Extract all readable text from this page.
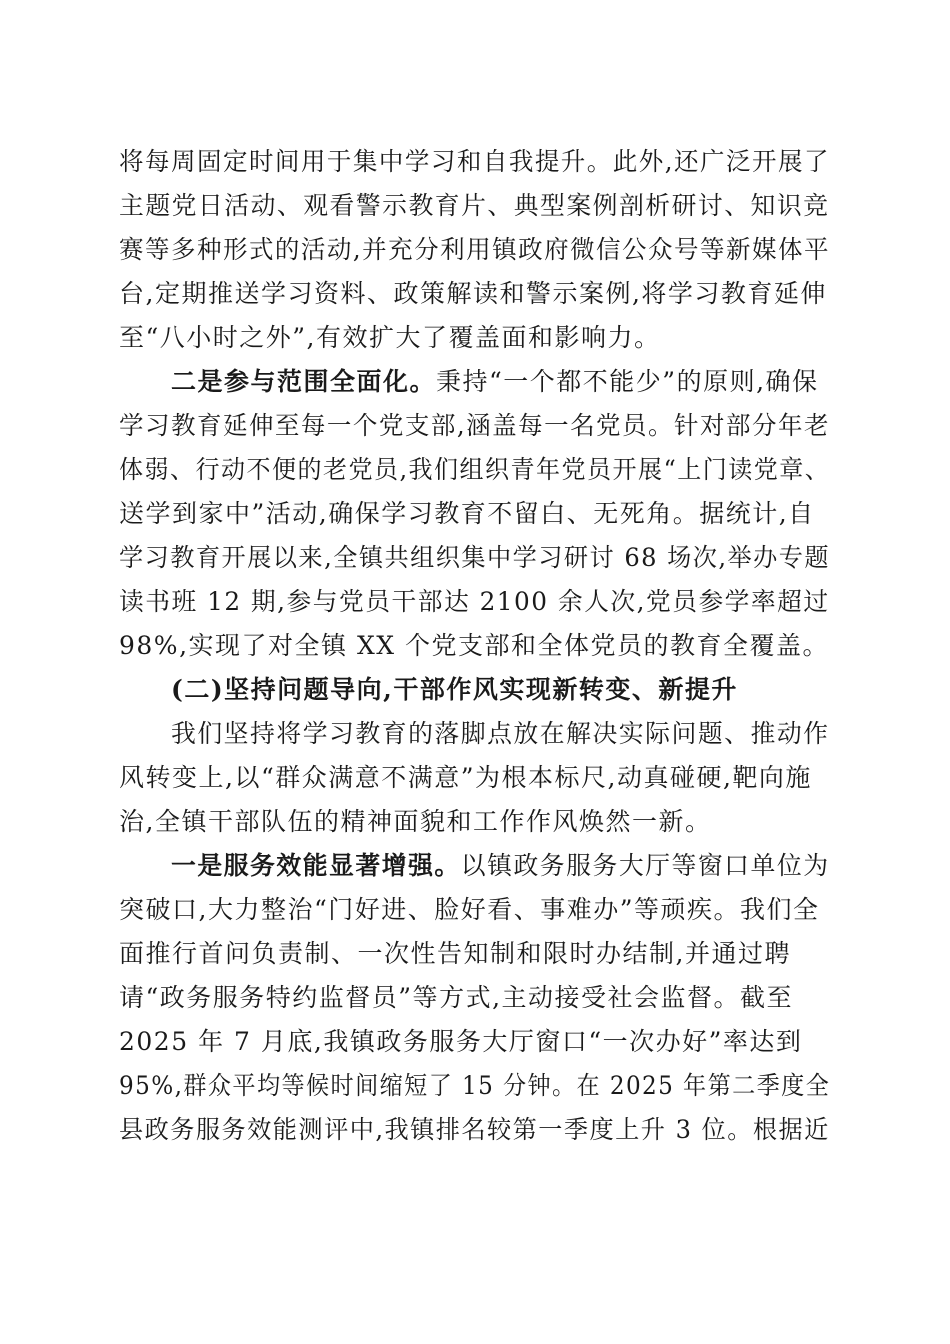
将每周固定时间用于集中学习和自我提升。此外,还广泛开展了
主题党日活动、观看警示教育片、典型案例剖析研讨、知识竞
赛等多种形式的活动,并充分利用镇政府微信公众号等新媒体平
台,定期推送学习资料、政策解读和警示案例,将学习教育延伸
至“八小时之外”,有效扩大了覆盖面和影响力。
二是参与范围全面化。秉持“一个都不能少”的原则,确保
学习教育延伸至每一个党支部,涵盖每一名党员。针对部分年老
体弱、行动不便的老党员,我们组织青年党员开展“上门读党章、
送学到家中”活动,确保学习教育不留白、无死角。据统计,自
学习教育开展以来,全镇共组织集中学习研讨 68 场次,举办专题
读书班 12 期,参与党员干部达 2100 余人次,党员参学率超过
98%,实现了对全镇 XX 个党支部和全体党员的教育全覆盖。
(二)坚持问题导向,干部作风实现新转变、新提升
我们坚持将学习教育的落脚点放在解决实际问题、推动作
风转变上,以“群众满意不满意”为根本标尺,动真碰硬,靶向施
治,全镇干部队伍的精神面貌和工作作风焕然一新。
一是服务效能显著增强。以镇政务服务大厅等窗口单位为
突破口,大力整治“门好进、脸好看、事难办”等顽疾。我们全
面推行首问负责制、一次性告知制和限时办结制,并通过聘
请“政务服务特约监督员”等方式,主动接受社会监督。截至
2025 年 7 月底,我镇政务服务大厅窗口“一次办好”率达到
95%,群众平均等候时间缩短了 15 分钟。在 2025 年第二季度全
县政务服务效能测评中,我镇排名较第一季度上升 3 位。根据近
